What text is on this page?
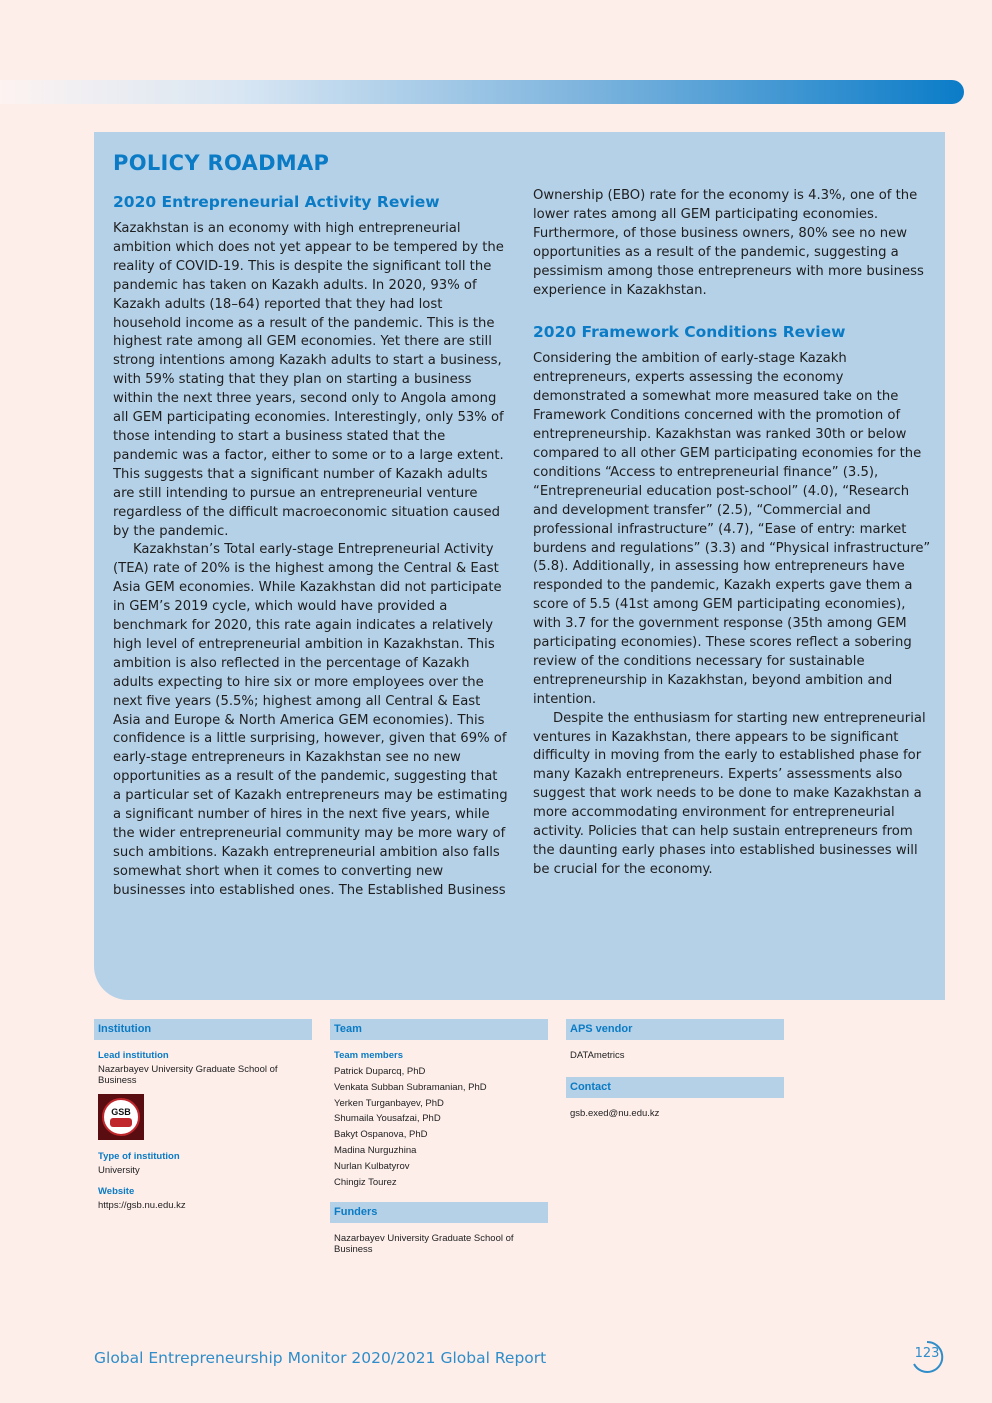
POLICY ROADMAP
2020 Entrepreneurial Activity Review

Kazakhstan is an economy with high entrepreneurial ambition which does not yet appear to be tempered by the reality of COVID-19. This is despite the significant toll the pandemic has taken on Kazakh adults. In 2020, 93% of Kazakh adults (18–64) reported that they had lost household income as a result of the pandemic. This is the highest rate among all GEM economies. Yet there are still strong intentions among Kazakh adults to start a business, with 59% stating that they plan on starting a business within the next three years, second only to Angola among all GEM participating economies. Interestingly, only 53% of those intending to start a business stated that the pandemic was a factor, either to some or to a large extent. This suggests that a significant number of Kazakh adults are still intending to pursue an entrepreneurial venture regardless of the difficult macroeconomic situation caused by the pandemic.

Kazakhstan’s Total early-stage Entrepreneurial Activity (TEA) rate of 20% is the highest among the Central & East Asia GEM economies. While Kazakhstan did not participate in GEM’s 2019 cycle, which would have provided a benchmark for 2020, this rate again indicates a relatively high level of entrepreneurial ambition in Kazakhstan. This ambition is also reflected in the percentage of Kazakh adults expecting to hire six or more employees over the next five years (5.5%; highest among all Central & East Asia and Europe & North America GEM economies). This confidence is a little surprising, however, given that 69% of early-stage entrepreneurs in Kazakhstan see no new opportunities as a result of the pandemic, suggesting that a particular set of Kazakh entrepreneurs may be estimating a significant number of hires in the next five years, while the wider entrepreneurial community may be more wary of such ambitions. Kazakh entrepreneurial ambition also falls somewhat short when it comes to converting new businesses into established ones. The Established Business

Ownership (EBO) rate for the economy is 4.3%, one of the lower rates among all GEM participating economies. Furthermore, of those business owners, 80% see no new opportunities as a result of the pandemic, suggesting a pessimism among those entrepreneurs with more business experience in Kazakhstan.

2020 Framework Conditions Review

Considering the ambition of early-stage Kazakh entrepreneurs, experts assessing the economy demonstrated a somewhat more measured take on the Framework Conditions concerned with the promotion of entrepreneurship. Kazakhstan was ranked 30th or below compared to all other GEM participating economies for the conditions “Access to entrepreneurial finance” (3.5), “Entrepreneurial education post-school” (4.0), “Research and development transfer” (2.5), “Commercial and professional infrastructure” (4.7), “Ease of entry: market burdens and regulations” (3.3) and “Physical infrastructure” (5.8). Additionally, in assessing how entrepreneurs have responded to the pandemic, Kazakh experts gave them a score of 5.5 (41st among GEM participating economies), with 3.7 for the government response (35th among GEM participating economies). These scores reflect a sobering review of the conditions necessary for sustainable entrepreneurship in Kazakhstan, beyond ambition and intention.

Despite the enthusiasm for starting new entrepreneurial ventures in Kazakhstan, there appears to be significant difficulty in moving from the early to established phase for many Kazakh entrepreneurs. Experts’ assessments also suggest that work needs to be done to make Kazakhstan a more accommodating environment for entrepreneurial activity. Policies that can help sustain entrepreneurs from the daunting early phases into established businesses will be crucial for the economy.

Institution
Lead institution
Nazarbayev University Graduate School of Business
GSB
Type of institution
University
Website
https://gsb.nu.edu.kz
Team
Team members
Patrick Duparcq, PhD
Venkata Subban Subramanian, PhD
Yerken Turganbayev, PhD
Shumaila Yousafzai, PhD
Bakyt Ospanova, PhD
Madina Nurguzhina
Nurlan Kulbatyrov
Chingiz Tourez
Funders
Nazarbayev University Graduate School of Business
APS vendor
DATAmetrics
Contact
gsb.exed@nu.edu.kz
Global Entrepreneurship Monitor 2020/2021 Global Report	123
